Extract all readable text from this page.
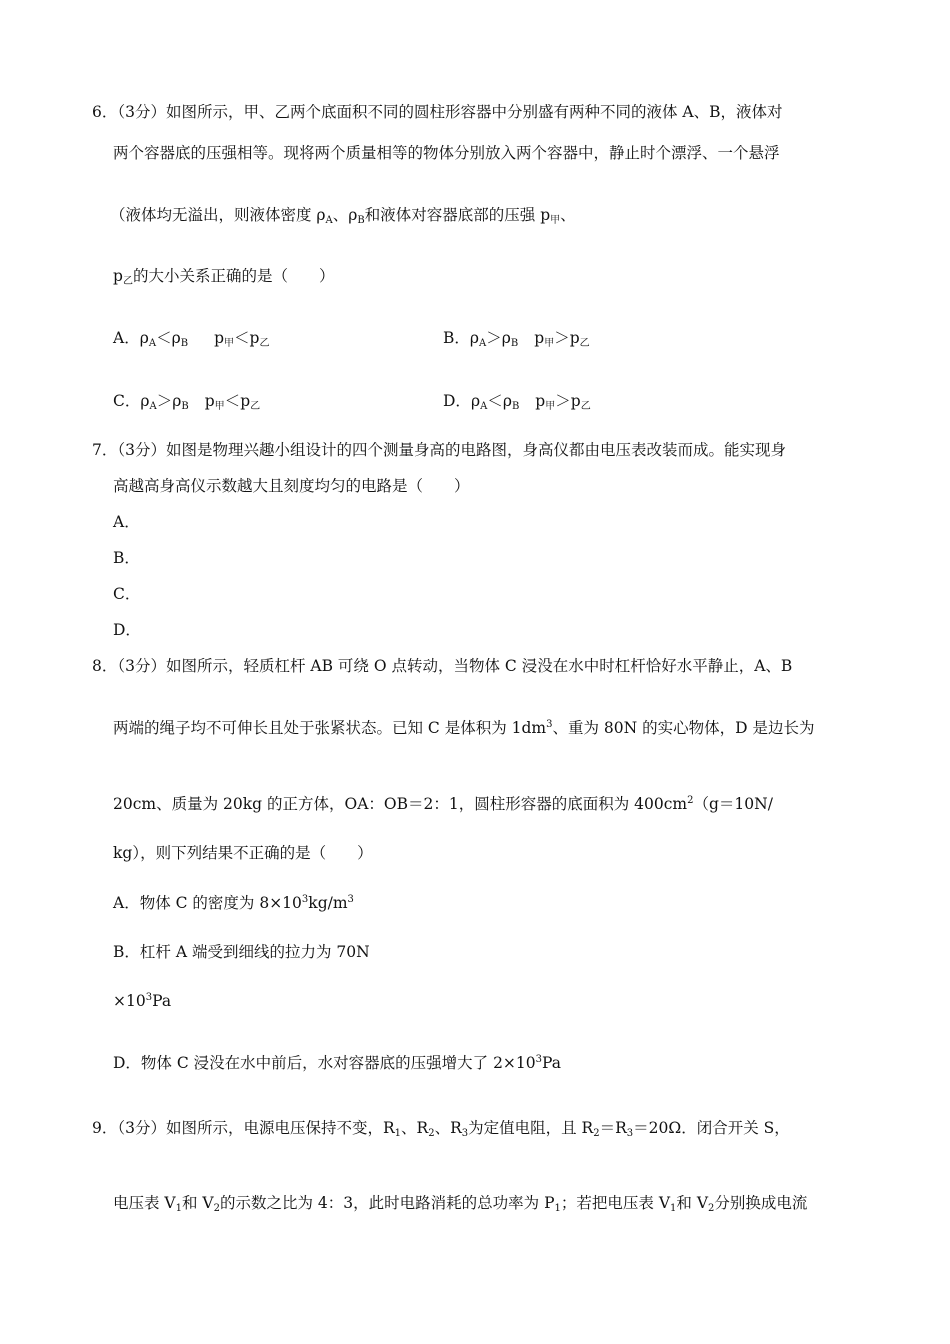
6．（3分）如图所示，甲、乙两个底面积不同的圆柱形容器中分别盛有两种不同的液体 A、B，液体对
两个容器底的压强相等。现将两个质量相等的物体分别放入两个容器中，静止时个漂浮、一个悬浮
（液体均无溢出，则液体密度 $\rho_A$、$\rho_B$和液体对容器底部的压强 $p_甲$、
$p_乙$的大小关系正确的是（　　）
A．$\rho_A<\rho_B$ $p_甲<p_乙$	B．$\rho_A>\rho_B$ $p_甲>p_乙$
C．$\rho_A>\rho_B$ $p_甲<p_乙$	D．$\rho_A<\rho_B$ $p_甲>p_乙$
7．（3分）如图是物理兴趣小组设计的四个测量身高的电路图，身高仪都由电压表改装而成。能实现身
高越高身高仪示数越大且刻度均匀的电路是（　　）
A．
B．
C．
D．
8．（3分）如图所示，轻质杠杆 AB 可绕 O 点转动，当物体 C 浸没在水中时杠杆恰好水平静止，A、B
两端的绳子均不可伸长且处于张紧状态。已知 C 是体积为 $1dm^3$、重为 80N 的实心物体，D 是边长为
20cm、质量为 20kg 的正方体，OA：OB＝2：1，圆柱形容器的底面积为 $400cm^2(g=10N/$
kg），则下列结果不正确的是（　　）
A．物体 C 的密度为 $8\times 10^3kg/m^3$
B．杠杆 A 端受到细线的拉力为 70N
$\times 10^3Pa$
D．物体 C 浸没在水中前后，水对容器底的压强增大了 $2\times 10^3Pa$
9．（3分）如图所示，电源电压保持不变，$R_1$、$R_2$、$R_3$为定值电阻，且 $R_2=R_3=20\Omega$．闭合开关 S，
电压表 $V_1$和 $V_2$的示数之比为 4：3，此时电路消耗的总功率为 $P_1$；若把电压表 $V_1$和 $V_2$分别换成电流
